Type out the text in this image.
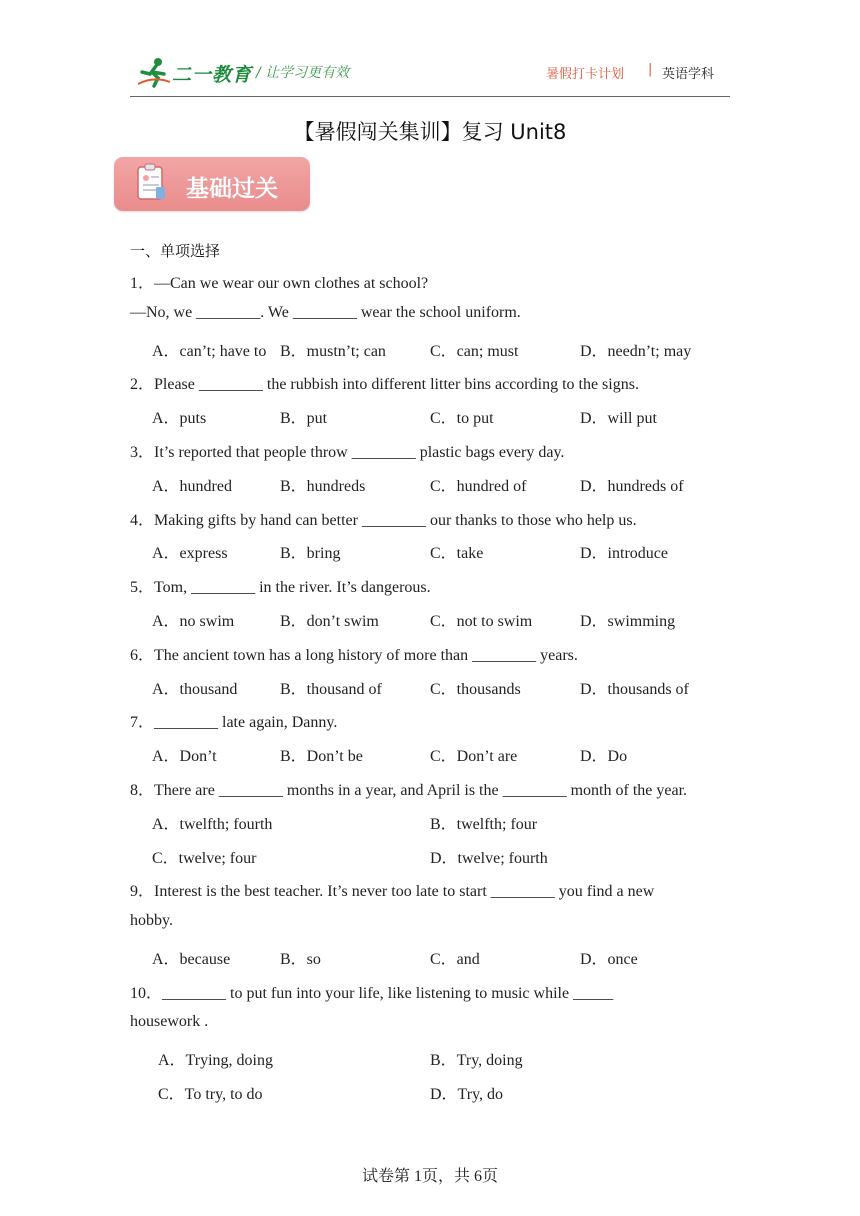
二一教育 / 让学习更有效	暑假打卡计划 | 英语学科
【暑假闯关集训】复习 Unit8
基础过关
一、单项选择
1．—Can we wear our own clothes at school?
—No, we ________. We ________ wear the school uniform.
A．can’t; have to B．mustn’t; can	C．can; must	D．needn’t; may
2．Please ________ the rubbish into different litter bins according to the signs.
A．puts	B．put	C．to put	D．will put
3．It’s reported that people throw ________ plastic bags every day.
A．hundred	B．hundreds	C．hundred of	D．hundreds of
4．Making gifts by hand can better ________ our thanks to those who help us.
A．express	B．bring	C．take	D．introduce
5．Tom, ________ in the river. It’s dangerous.
A．no swim	B．don’t swim	C．not to swim	D．swimming
6．The ancient town has a long history of more than ________ years.
A．thousand	B．thousand of	C．thousands	D．thousands of
7．________ late again, Danny.
A．Don’t	B．Don’t be	C．Don’t are	D．Do
8．There are ________ months in a year, and April is the ________ month of the year.
A．twelfth; fourth	B．twelfth; four
C．twelve; four	D．twelve; fourth
9．Interest is the best teacher. It’s never too late to start ________ you find a new
hobby.
A．because	B．so	C．and	D．once
10．________ to put fun into your life, like listening to music while _____
housework .
A．Trying, doing	B．Try, doing
C．To try, to do	D．Try, do
试卷第 1页，共 6页
